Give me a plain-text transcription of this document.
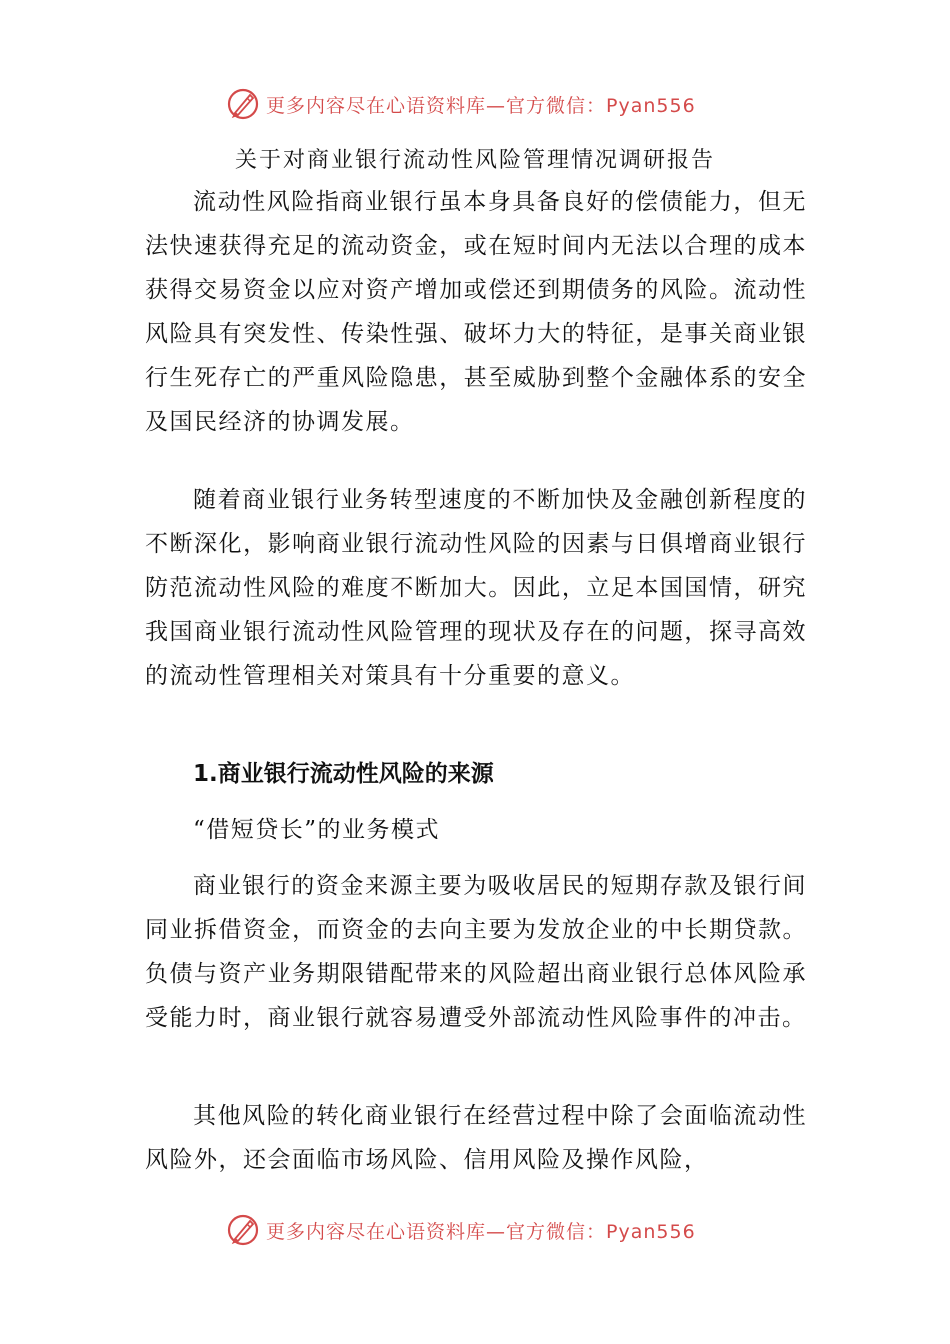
更多内容尽在心语资料库—官方微信：Pyan556
关于对商业银行流动性风险管理情况调研报告

流动性风险指商业银行虽本身具备良好的偿债能力，但无法快速获得充足的流动资金，或在短时间内无法以合理的成本获得交易资金以应对资产增加或偿还到期债务的风险。流动性风险具有突发性、传染性强、破坏力大的特征，是事关商业银行生死存亡的严重风险隐患，甚至威胁到整个金融体系的安全及国民经济的协调发展。

随着商业银行业务转型速度的不断加快及金融创新程度的不断深化，影响商业银行流动性风险的因素与日俱增商业银行防范流动性风险的难度不断加大。因此，立足本国国情，研究我国商业银行流动性风险管理的现状及存在的问题，探寻高效的流动性管理相关对策具有十分重要的意义。

1.商业银行流动性风险的来源

“借短贷长”的业务模式

商业银行的资金来源主要为吸收居民的短期存款及银行间同业拆借资金，而资金的去向主要为发放企业的中长期贷款。负债与资产业务期限错配带来的风险超出商业银行总体风险承受能力时，商业银行就容易遭受外部流动性风险事件的冲击。

其他风险的转化商业银行在经营过程中除了会面临流动性风险外，还会面临市场风险、信用风险及操作风险，

更多内容尽在心语资料库—官方微信：Pyan556
